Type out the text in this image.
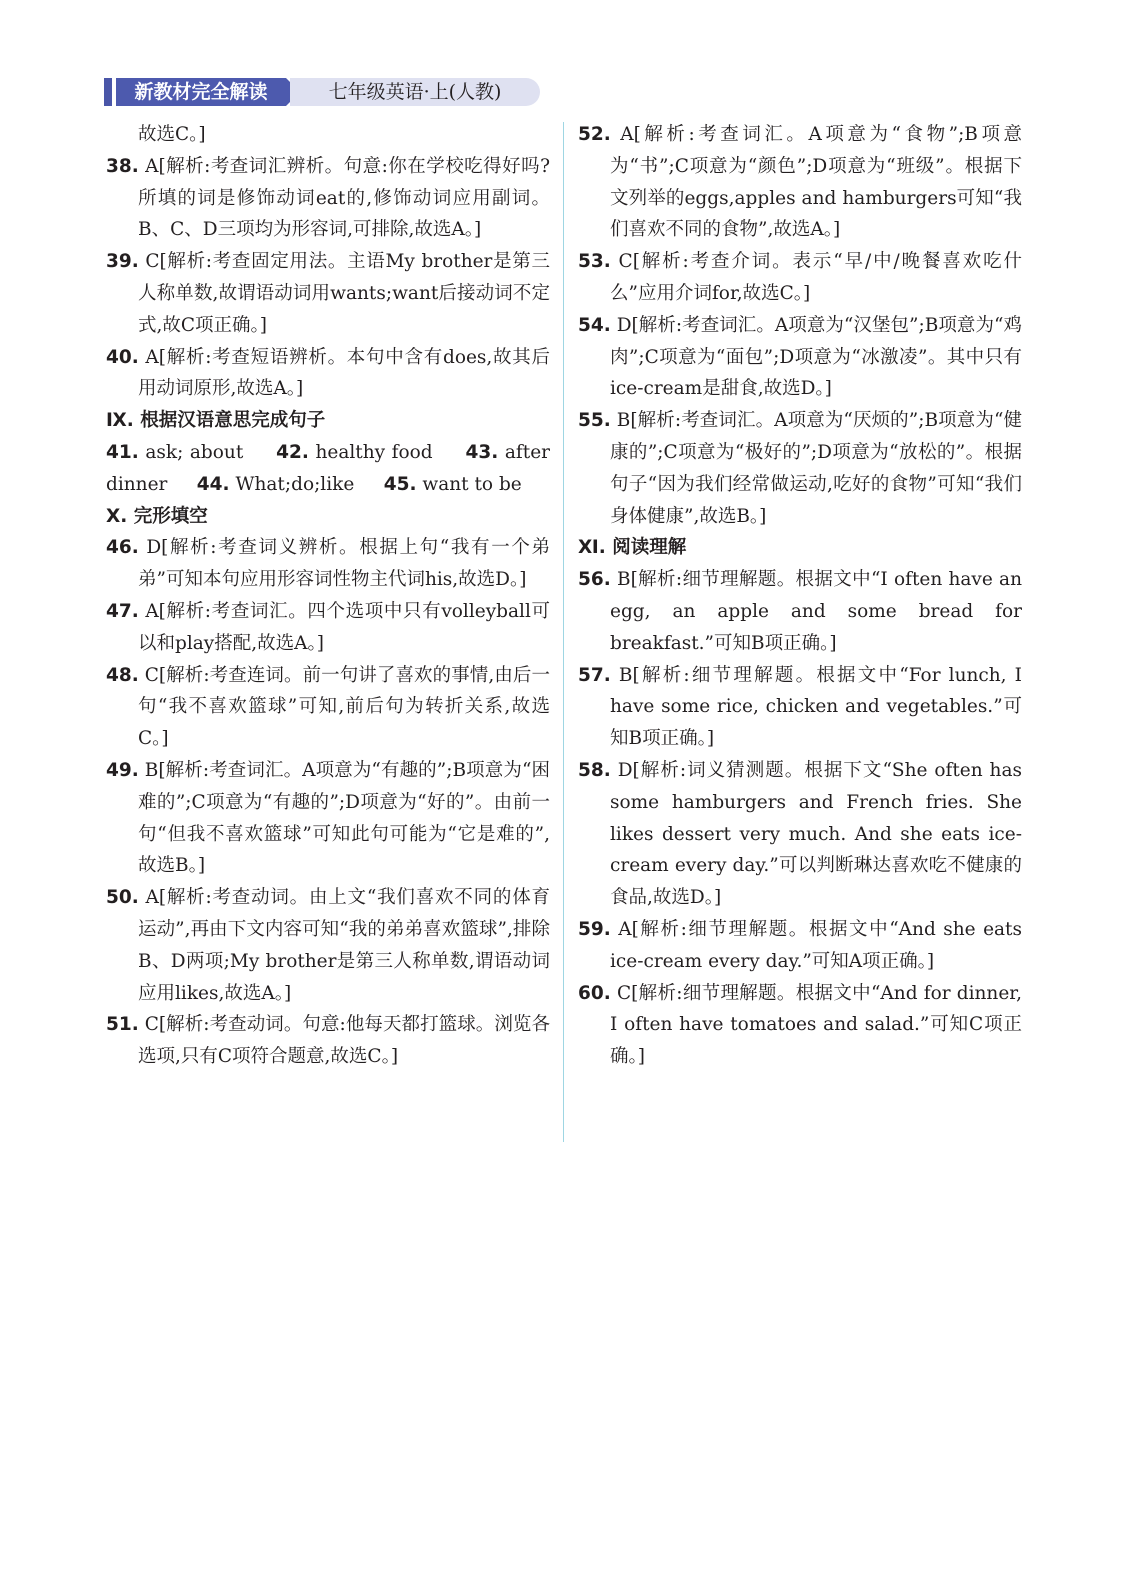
新教材完全解读	七年级英语·上(人教)
故选C。]
38. A[解析:考查词汇辨析。句意:你在学校吃得好吗? 所填的词是修饰动词eat的,修饰动词应用副词。B、C、D三项均为形容词,可排除,故选A。]
39. C[解析:考查固定用法。主语My brother是第三人称单数,故谓语动词用wants;want后接动词不定式,故C项正确。]
40. A[解析:考查短语辨析。本句中含有does,故其后用动词原形,故选A。]
Ⅸ. 根据汉语意思完成句子
41. ask; about 42. healthy food 43. after dinner 44. What;do;like 45. want to be
Ⅹ. 完形填空
46. D[解析:考查词义辨析。根据上句“我有一个弟弟”可知本句应用形容词性物主代词his,故选D。]
47. A[解析:考查词汇。四个选项中只有volleyball可以和play搭配,故选A。]
48. C[解析:考查连词。前一句讲了喜欢的事情,由后一句“我不喜欢篮球”可知,前后句为转折关系,故选C。]
49. B[解析:考查词汇。A项意为“有趣的”;B项意为“困难的”;C项意为“有趣的”;D项意为“好的”。由前一句“但我不喜欢篮球”可知此句可能为“它是难的”,故选B。]
50. A[解析:考查动词。由上文“我们喜欢不同的体育运动”,再由下文内容可知“我的弟弟喜欢篮球”,排除B、D两项;My brother是第三人称单数,谓语动词应用likes,故选A。]
51. C[解析:考查动词。句意:他每天都打篮球。浏览各选项,只有C项符合题意,故选C。]
52. A[解析:考查词汇。A项意为“食物”;B项意为“书”;C项意为“颜色”;D项意为“班级”。根据下文列举的eggs,apples and hamburgers可知“我们喜欢不同的食物”,故选A。]
53. C[解析:考查介词。表示“早/中/晚餐喜欢吃什么”应用介词for,故选C。]
54. D[解析:考查词汇。A项意为“汉堡包”;B项意为“鸡肉”;C项意为“面包”;D项意为“冰激凌”。其中只有ice-cream是甜食,故选D。]
55. B[解析:考查词汇。A项意为“厌烦的”;B项意为“健康的”;C项意为“极好的”;D项意为“放松的”。根据句子“因为我们经常做运动,吃好的食物”可知“我们身体健康”,故选B。]
Ⅺ. 阅读理解
56. B[解析:细节理解题。根据文中“I often have an egg, an apple and some bread for breakfast.”可知B项正确。]
57. B[解析:细节理解题。根据文中“For lunch, I have some rice, chicken and vegetables.”可知B项正确。]
58. D[解析:词义猜测题。根据下文“She often has some hamburgers and French fries. She likes dessert very much. And she eats ice-cream every day.”可以判断琳达喜欢吃不健康的食品,故选D。]
59. A[解析:细节理解题。根据文中“And she eats ice-cream every day.”可知A项正确。]
60. C[解析:细节理解题。根据文中“And for dinner, I often have tomatoes and salad.”可知C项正确。]
